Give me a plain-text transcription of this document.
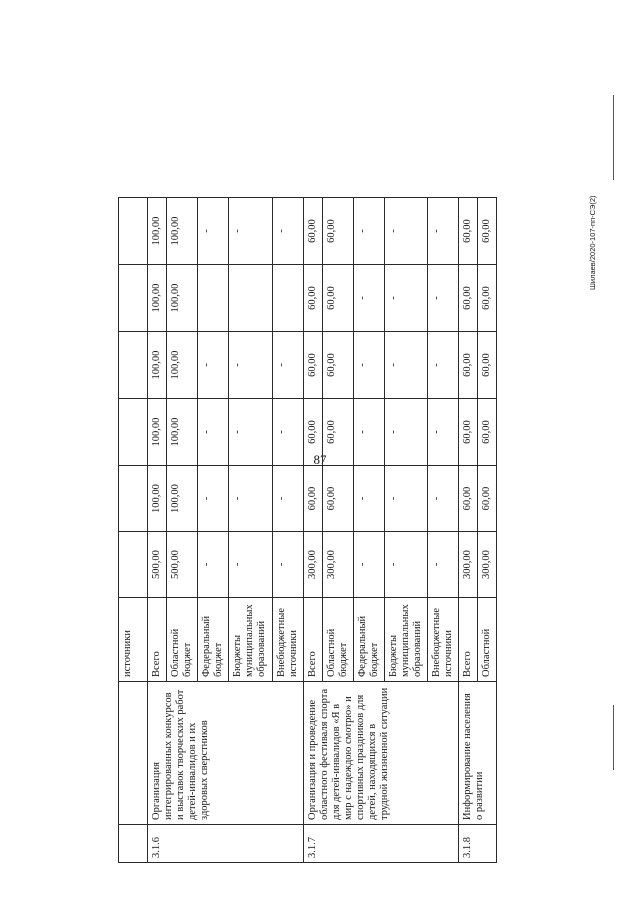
87
Шилаев/2020-107-пп-СЭ(2)
		источники						
3.1.6	Организация интегрированных конкурсов и выставок творческих работ детей-инвалидов и их здоровых сверстников	Всего	500,00	100,00	100,00	100,00	100,00	100,00
		Областной бюджет	500,00	100,00	100,00	100,00	100,00	100,00
		Федеральный бюджет	-	-	-	-		-
		Бюджеты муниципальных образований	-	-	-	-		-
		Внебюджетные источники	-	-	-	-		-
3.1.7	Организация и проведение областного фестиваля спорта для детей-инвалидов «Я в мир с надеждою смотрю» и спортивных праздников для детей, находящихся в трудной жизненной ситуации	Всего	300,00	60,00	60,00	60,00	60,00	60,00
		Областной бюджет	300,00	60,00	60,00	60,00	60,00	60,00
		Федеральный бюджет	-	-	-	-	-	-
		Бюджеты муниципальных образований	-	-	-	-	-	-
		Внебюджетные источники	-	-	-	-	-	-
3.1.8	Информирование населения о развитии	Всего	300,00	60,00	60,00	60,00	60,00	60,00
		Областной	300,00	60,00	60,00	60,00	60,00	60,00
